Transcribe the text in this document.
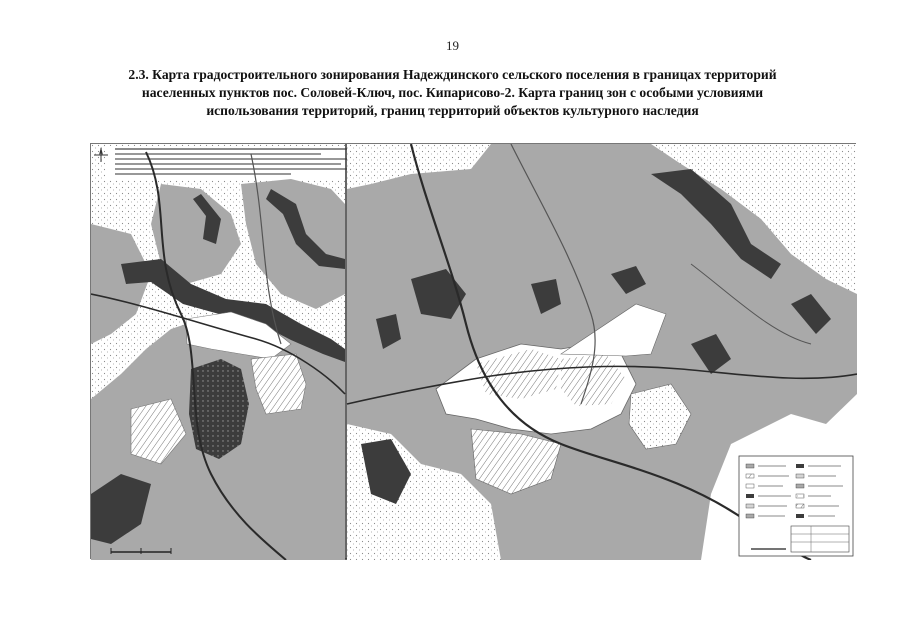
19
2.3. Карта градостроительного зонирования Надеждинского сельского поселения в границах территорий
населенных пунктов пос. Соловей-Ключ, пос. Кипарисово-2. Карта границ зон с особыми условиями
использования территорий, границ территорий объектов культурного наследия
